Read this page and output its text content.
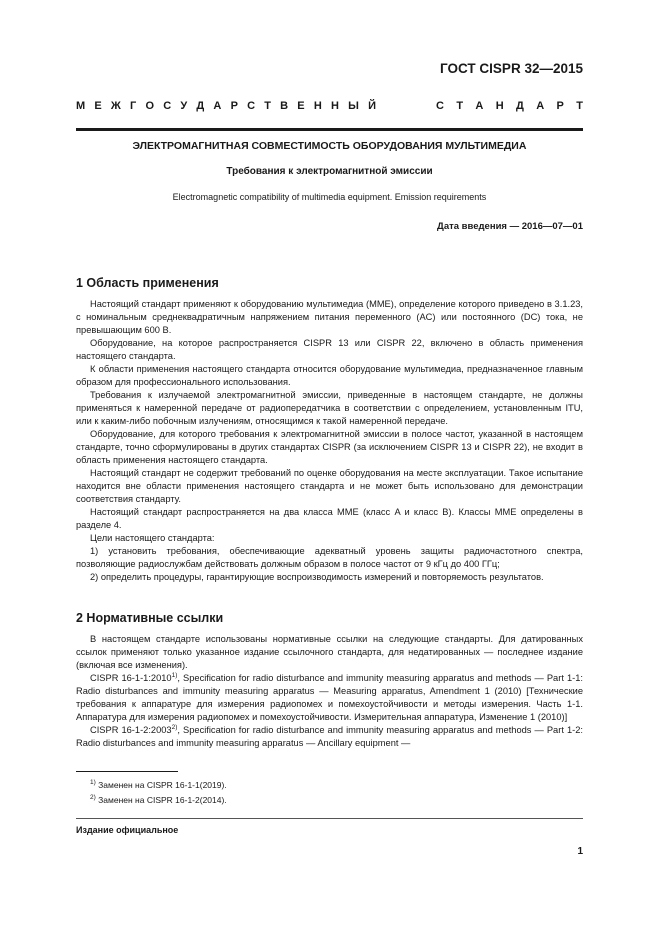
ГОСТ CISPR 32—2015
М Е Ж Г О С У Д А Р С Т В Е Н Н Ы Й	С Т А Н Д А Р Т
ЭЛЕКТРОМАГНИТНАЯ СОВМЕСТИМОСТЬ ОБОРУДОВАНИЯ МУЛЬТИМЕДИА
Требования к электромагнитной эмиссии
Electromagnetic compatibility of multimedia equipment. Emission requirements
Дата введения — 2016—07—01
1 Область применения

Настоящий стандарт применяют к оборудованию мультимедиа (MME), определение которого приведено в 3.1.23, с номинальным среднеквадратичным напряжением питания переменного (AC) или постоянного (DC) тока, не превышающим 600 В.

Оборудование, на которое распространяется CISPR 13 или CISPR 22, включено в область применения настоящего стандарта.

К области применения настоящего стандарта относится оборудование мультимедиа, предназначенное главным образом для профессионального использования.

Требования к излучаемой электромагнитной эмиссии, приведенные в настоящем стандарте, не должны применяться к намеренной передаче от радиопередатчика в соответствии с определением, установленным ITU, или к каким-либо побочным излучениям, относящимся к такой намеренной передаче.

Оборудование, для которого требования к электромагнитной эмиссии в полосе частот, указанной в настоящем стандарте, точно сформулированы в других стандартах CISPR (за исключением CISPR 13 и CISPR 22), не входит в область применения настоящего стандарта.

Настоящий стандарт не содержит требований по оценке оборудования на месте эксплуатации. Такое испытание находится вне области применения настоящего стандарта и не может быть использовано для демонстрации соответствия стандарту.

Настоящий стандарт распространяется на два класса MME (класс A и класс B). Классы MME определены в разделе 4.

Цели настоящего стандарта:

1) установить требования, обеспечивающие адекватный уровень защиты радиочастотного спектра, позволяющие радиослужбам действовать должным образом в полосе частот от 9 кГц до 400 ГГц;

2) определить процедуры, гарантирующие воспроизводимость измерений и повторяемость результатов.

2 Нормативные ссылки

В настоящем стандарте использованы нормативные ссылки на следующие стандарты. Для датированных ссылок применяют только указанное издание ссылочного стандарта, для недатированных — последнее издание (включая все изменения).

CISPR 16-1-1:2010$^{1)}$, Specification for radio disturbance and immunity measuring apparatus and methods — Part 1-1: Radio disturbances and immunity measuring apparatus — Measuring apparatus, Amendment 1 (2010) [Технические требования к аппаратуре для измерения радиопомех и помехоустойчивости и методы измерения. Часть 1-1. Аппаратура для измерения радиопомех и помехоустойчивости. Измерительная аппаратура, Изменение 1 (2010)]

CISPR 16-1-2:2003$^{2)}$, Specification for radio disturbance and immunity measuring apparatus and methods — Part 1-2: Radio disturbances and immunity measuring apparatus — Ancillary equipment —

$^{1)}$ Заменен на CISPR 16-1-1(2019).
$^{2)}$ Заменен на CISPR 16-1-2(2014).
Издание официальное
1
